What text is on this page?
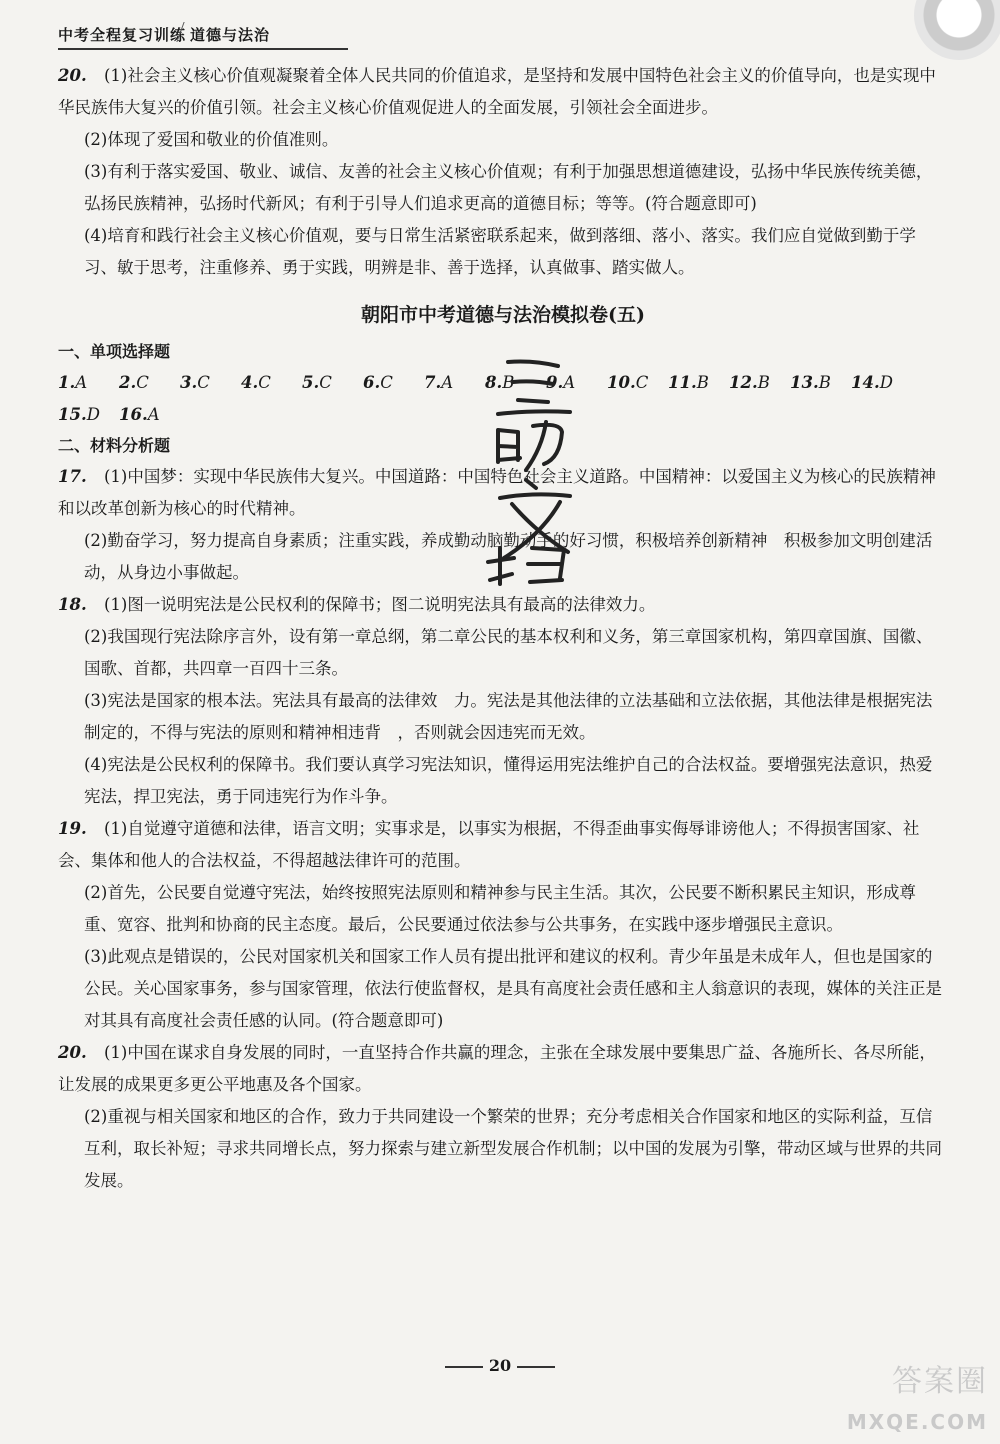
中考全程复习训练 道德与法治
20.	(1)社会主义核心价值观凝聚着全体人民共同的价值追求，是坚持和发展中国特色社会主义的价值导向，也是实现中华民族伟大复兴的价值引领。社会主义核心价值观促进人的全面发展，引领社会全面进步。
(2)体现了爱国和敬业的价值准则。
(3)有利于落实爱国、敬业、诚信、友善的社会主义核心价值观；有利于加强思想道德建设，弘扬中华民族传统美德，弘扬民族精神，弘扬时代新风；有利于引导人们追求更高的道德目标；等等。(符合题意即可)
(4)培育和践行社会主义核心价值观，要与日常生活紧密联系起来，做到落细、落小、落实。我们应自觉做到勤于学习、敏于思考，注重修养、勇于实践，明辨是非、善于选择，认真做事、踏实做人。
朝阳市中考道德与法治模拟卷(五)
一、单项选择题
1.A	2.C	3.C	4.C	5.C	6.C	7.A	8.B	9.A	10.C	11.B	12.B	13.B	14.D
15.D	16.A
二、材料分析题
17.	(1)中国梦：实现中华民族伟大复兴。中国道路：中国特色社会主义道路。中国精神：以爱国主义为核心的民族精神和以改革创新为核心的时代精神。
(2)勤奋学习，努力提高自身素质；注重实践，养成勤动脑勤动手的好习惯，积极培养创新精神　积极参加文明创建活动，从身边小事做起。
18.	(1)图一说明宪法是公民权利的保障书；图二说明宪法具有最高的法律效力。
(2)我国现行宪法除序言外，设有第一章总纲，第二章公民的基本权利和义务，第三章国家机构，第四章国旗、国徽、国歌、首都，共四章一百四十三条。
(3)宪法是国家的根本法。宪法具有最高的法律效　力。宪法是其他法律的立法基础和立法依据，其他法律是根据宪法制定的，不得与宪法的原则和精神相违背　，否则就会因违宪而无效。
(4)宪法是公民权利的保障书。我们要认真学习宪法知识，懂得运用宪法维护自己的合法权益。要增强宪法意识，热爱宪法，捍卫宪法，勇于同违宪行为作斗争。
19.	(1)自觉遵守道德和法律，语言文明；实事求是，以事实为根据，不得歪曲事实侮辱诽谤他人；不得损害国家、社会、集体和他人的合法权益，不得超越法律许可的范围。
(2)首先，公民要自觉遵守宪法，始终按照宪法原则和精神参与民主生活。其次，公民要不断积累民主知识，形成尊重、宽容、批判和协商的民主态度。最后，公民要通过依法参与公共事务，在实践中逐步增强民主意识。
(3)此观点是错误的，公民对国家机关和国家工作人员有提出批评和建议的权利。青少年虽是未成年人，但也是国家的公民。关心国家事务，参与国家管理，依法行使监督权，是具有高度社会责任感和主人翁意识的表现，媒体的关注正是对其具有高度社会责任感的认同。(符合题意即可)
20.	(1)中国在谋求自身发展的同时，一直坚持合作共赢的理念，主张在全球发展中要集思广益、各施所长、各尽所能，让发展的成果更多更公平地惠及各个国家。
(2)重视与相关国家和地区的合作，致力于共同建设一个繁荣的世界；充分考虑相关合作国家和地区的实际利益，互信互利，取长补短；寻求共同增长点，努力探索与建立新型发展合作机制；以中国的发展为引擎，带动区域与世界的共同发展。
20	答案圈
MXQE.COM
